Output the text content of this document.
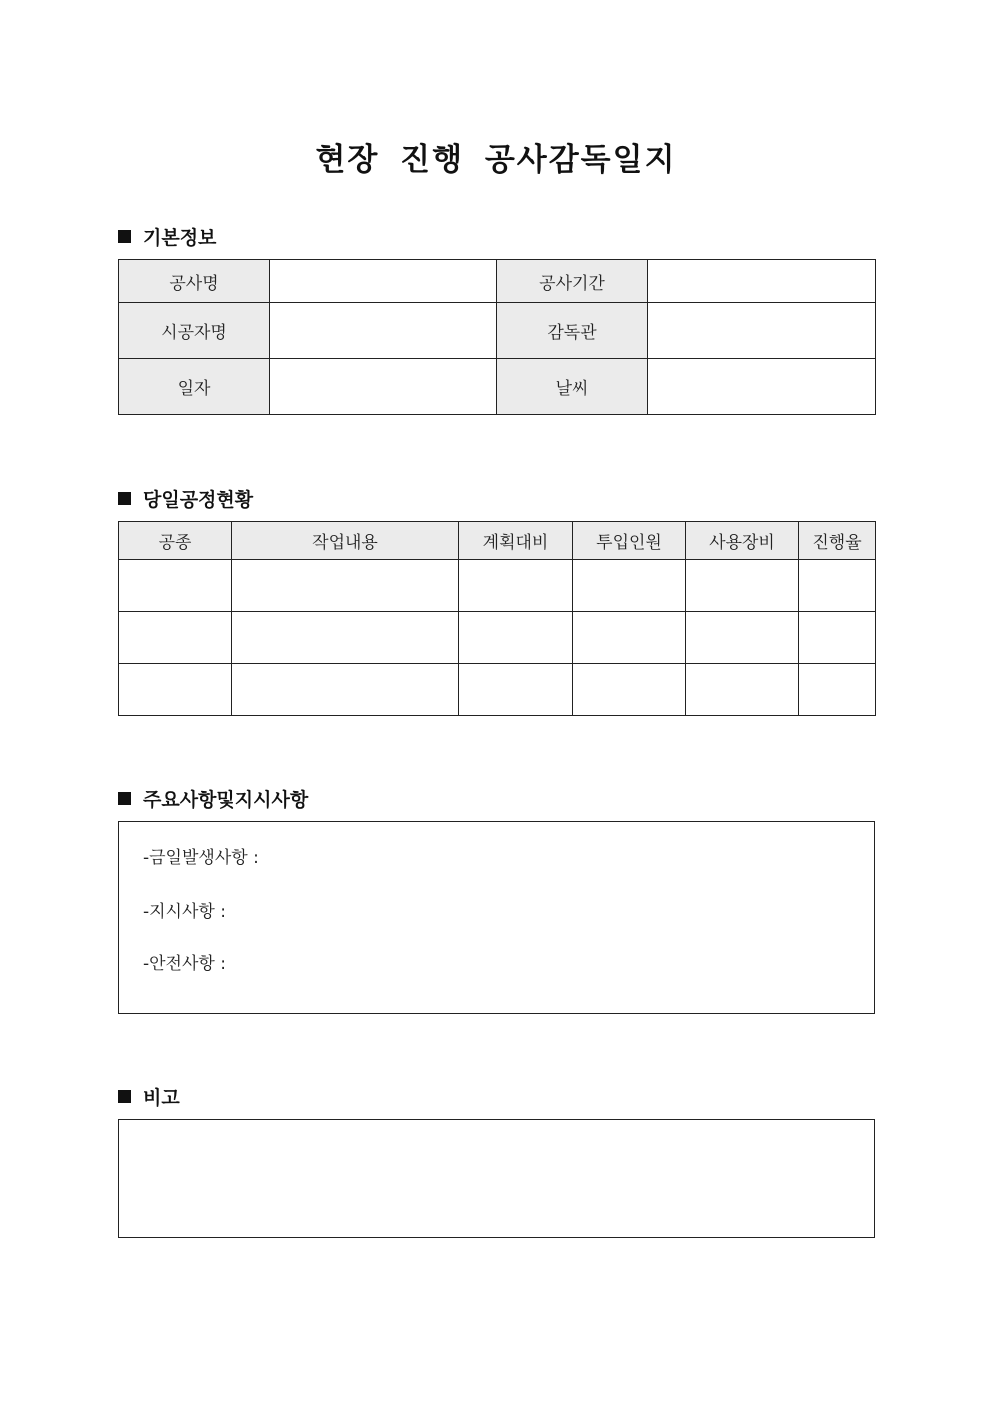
현장 진행 공사감독일지
기본정보
공사명		공사기간	
시공자명		감독관	
일자		날씨	
당일공정현황
공종	작업내용	계획대비	투입인원	사용장비	진행율

주요사항및지시사항
-금일발생사항 :
-지시사항 :
-안전사항 :
비고
